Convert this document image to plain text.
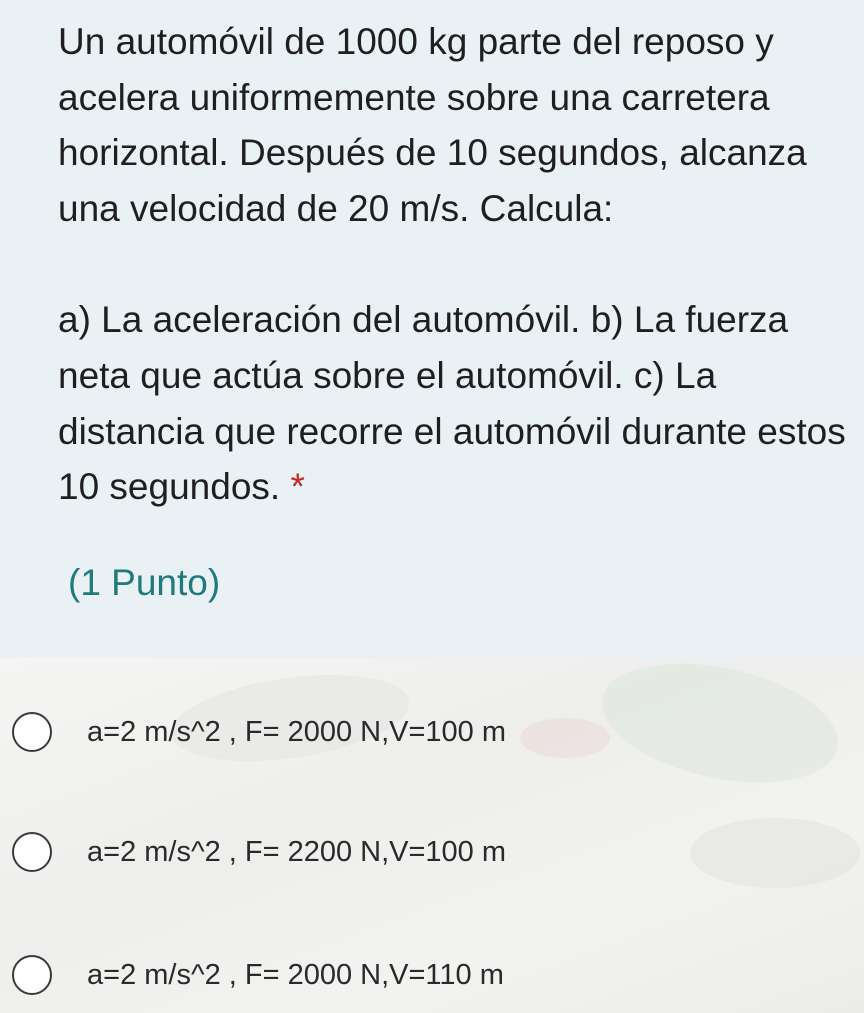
Un automóvil de 1000 kg parte del reposo y acelera uniformemente sobre una carretera horizontal. Después de 10 segundos, alcanza una velocidad de 20 m/s. Calcula:

a) La aceleración del automóvil. b) La fuerza neta que actúa sobre el automóvil. c) La distancia que recorre el automóvil durante estos 10 segundos. *

(1 Punto)
a=2 m/s^2 , F= 2000 N,V=100 m
a=2 m/s^2 , F= 2200 N,V=100 m
a=2 m/s^2 , F= 2000 N,V=110 m
